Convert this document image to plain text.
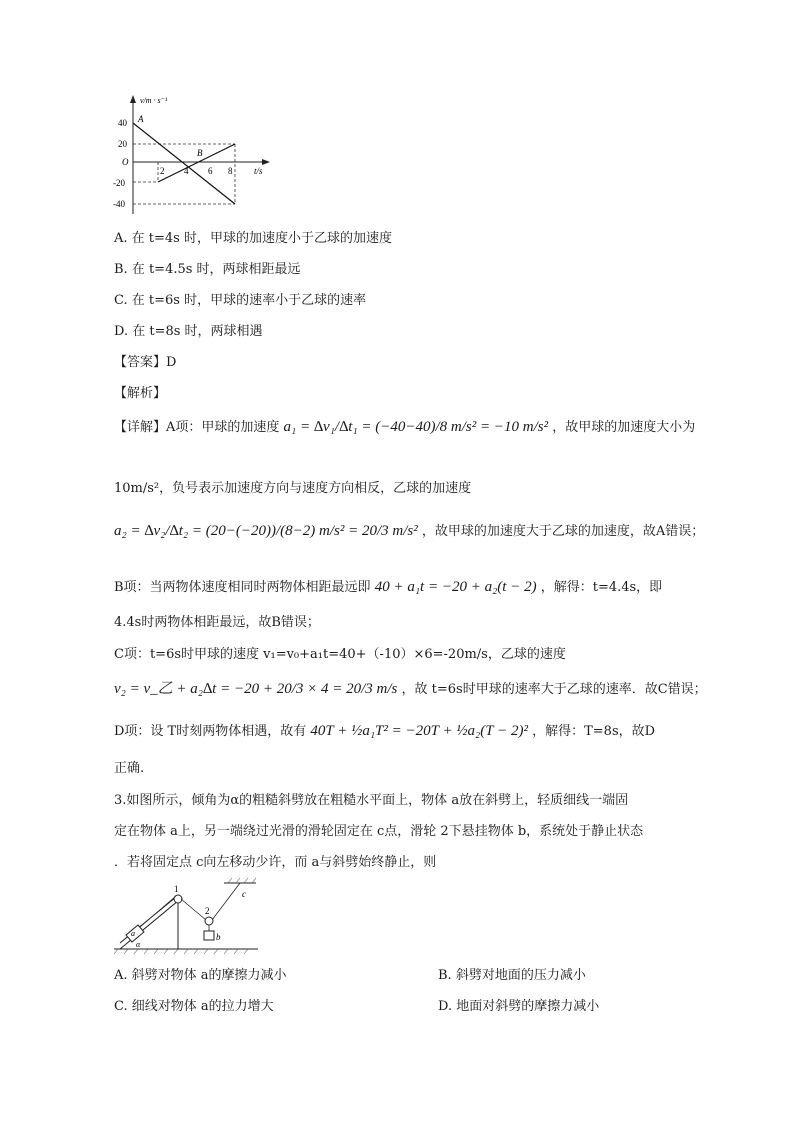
v/m · s⁻¹
40
20
O
-20
-40
2 4 6 8 t/s
A
B
A. 在 t=4s 时，甲球的加速度小于乙球的加速度
B. 在 t=4.5s 时，两球相距最远
C. 在 t=6s 时，甲球的速率小于乙球的速率
D. 在 t=8s 时，两球相遇
【答案】D
【解析】
【详解】A项：甲球的加速度 a₁ = ∆v₁/∆t₁ = (−40−40)/8 m/s² = −10 m/s² ，故甲球的加速度大小为
10m/s²，负号表示加速度方向与速度方向相反，乙球的加速度
a₂ = ∆v₂/∆t₂ = (20−(−20))/(8−2) m/s² = 20/3 m/s² ，故甲球的加速度大于乙球的加速度，故A错误；
B项：当两物体速度相同时两物体相距最远即 40 + a₁t = −20 + a₂(t − 2) ，解得：t=4.4s，即
4.4s时两物体相距最远，故B错误；
C项：t=6s时甲球的速度 v₁=v₀+a₁t=40+（-10）×6=-20m/s，乙球的速度
v₂ = v_乙 + a₂∆t = −20 + 20/3 × 4 = 20/3 m/s ，故 t=6s时甲球的速率大于乙球的速率．故C错误；
D项：设 T时刻两物体相遇，故有 40T + ½a₁T² = −20T + ½a₂(T − 2)² ，解得：T=8s，故D
正确.
3.如图所示，倾角为α的粗糙斜劈放在粗糙水平面上，物体 a放在斜劈上，轻质细线一端固
定在物体 a上，另一端绕过光滑的滑轮固定在 c点，滑轮 2下悬挂物体 b，系统处于静止状态
．若将固定点 c向左移动少许，而 a与斜劈始终静止，则
1
2
c
a	b
α
A. 斜劈对物体 a的摩擦力减小	B. 斜劈对地面的压力减小
C. 细线对物体 a的拉力增大	D. 地面对斜劈的摩擦力减小
